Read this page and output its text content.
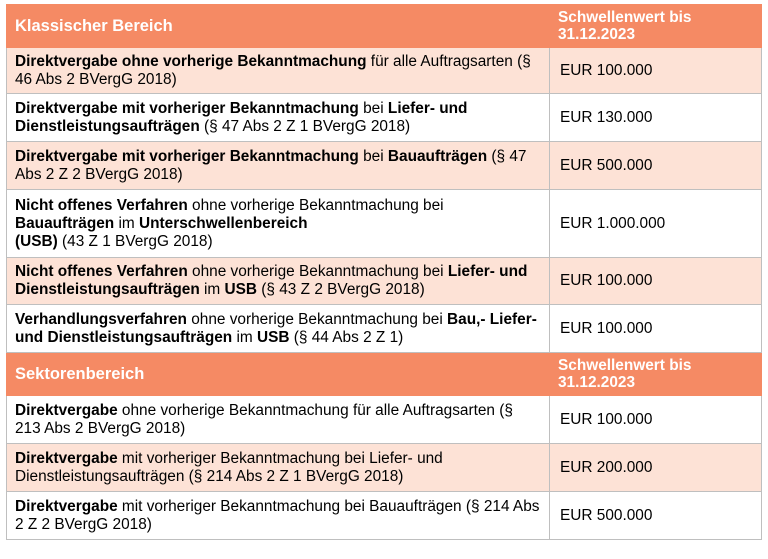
Klassischer Bereich	Schwellenwert bis 31.12.2023
Direktvergabe ohne vorherige Bekanntmachung für alle Auftragsarten (§ 46 Abs 2 BVergG 2018)	EUR 100.000
Direktvergabe mit vorheriger Bekanntmachung bei Liefer- und Dienstleistungsaufträgen (§ 47 Abs 2 Z 1 BVergG 2018)	EUR 130.000
Direktvergabe mit vorheriger Bekanntmachung bei Bauaufträgen (§ 47 Abs 2 Z 2 BVergG 2018)	EUR 500.000
Nicht offenes Verfahren ohne vorherige Bekanntmachung bei Bauaufträgen im Unterschwellenbereich
(USB) (43 Z 1 BVergG 2018)	EUR 1.000.000
Nicht offenes Verfahren ohne vorherige Bekanntmachung bei Liefer- und Dienstleistungsaufträgen im USB (§ 43 Z 2 BVergG 2018)	EUR 100.000
Verhandlungsverfahren ohne vorherige Bekanntmachung bei Bau,- Liefer- und Dienstleistungsaufträgen im USB (§ 44 Abs 2 Z 1)	EUR 100.000
Sektorenbereich	Schwellenwert bis 31.12.2023
Direktvergabe ohne vorherige Bekanntmachung für alle Auftragsarten (§ 213 Abs 2 BVergG 2018)	EUR 100.000
Direktvergabe mit vorheriger Bekanntmachung bei Liefer- und Dienstleistungsaufträgen (§ 214 Abs 2 Z 1 BVergG 2018)	EUR 200.000
Direktvergabe mit vorheriger Bekanntmachung bei Bauaufträgen (§ 214 Abs 2 Z 2 BVergG 2018)	EUR 500.000
